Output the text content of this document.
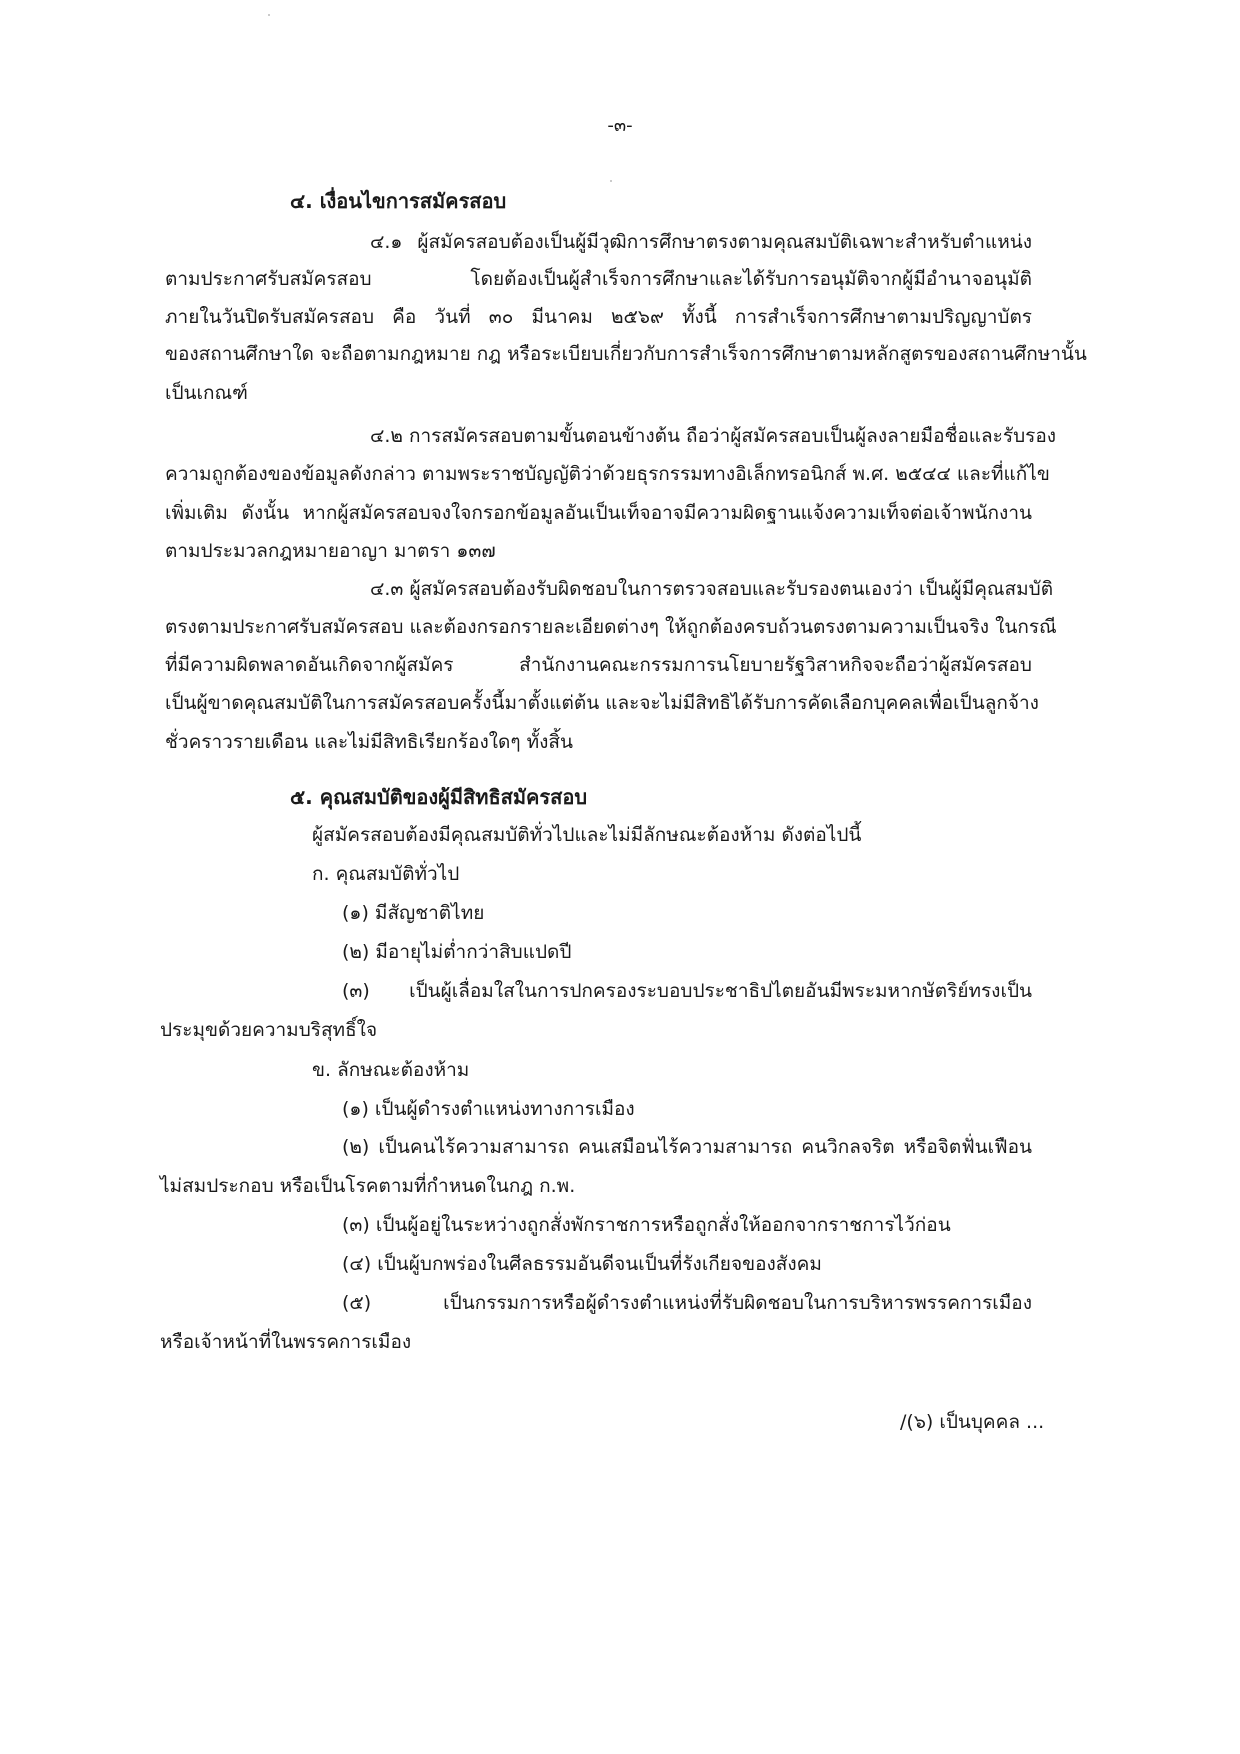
-๓-
๔. เงื่อนไขการสมัครสอบ
๔.๑ ผู้สมัครสอบต้องเป็นผู้มีวุฒิการศึกษาตรงตามคุณสมบัติเฉพาะสำหรับตำแหน่ง
ตามประกาศรับสมัครสอบ โดยต้องเป็นผู้สำเร็จการศึกษาและได้รับการอนุมัติจากผู้มีอำนาจอนุมัติ
ภายในวันปิดรับสมัครสอบ คือ วันที่ ๓๐ มีนาคม ๒๕๖๙ ทั้งนี้ การสำเร็จการศึกษาตามปริญญาบัตร
ของสถานศึกษาใด จะถือตามกฎหมาย กฎ หรือระเบียบเกี่ยวกับการสำเร็จการศึกษาตามหลักสูตรของสถานศึกษานั้น
เป็นเกณฑ์
๔.๒ การสมัครสอบตามขั้นตอนข้างต้น ถือว่าผู้สมัครสอบเป็นผู้ลงลายมือชื่อและรับรอง
ความถูกต้องของข้อมูลดังกล่าว ตามพระราชบัญญัติว่าด้วยธุรกรรมทางอิเล็กทรอนิกส์ พ.ศ. ๒๕๔๔ และที่แก้ไข
เพิ่มเติม ดังนั้น หากผู้สมัครสอบจงใจกรอกข้อมูลอันเป็นเท็จอาจมีความผิดฐานแจ้งความเท็จต่อเจ้าพนักงาน
ตามประมวลกฎหมายอาญา มาตรา ๑๓๗
๔.๓ ผู้สมัครสอบต้องรับผิดชอบในการตรวจสอบและรับรองตนเองว่า เป็นผู้มีคุณสมบัติ
ตรงตามประกาศรับสมัครสอบ และต้องกรอกรายละเอียดต่างๆ ให้ถูกต้องครบถ้วนตรงตามความเป็นจริง ในกรณี
ที่มีความผิดพลาดอันเกิดจากผู้สมัคร สำนักงานคณะกรรมการนโยบายรัฐวิสาหกิจจะถือว่าผู้สมัครสอบ
เป็นผู้ขาดคุณสมบัติในการสมัครสอบครั้งนี้มาตั้งแต่ต้น และจะไม่มีสิทธิได้รับการคัดเลือกบุคคลเพื่อเป็นลูกจ้าง
ชั่วคราวรายเดือน และไม่มีสิทธิเรียกร้องใดๆ ทั้งสิ้น
๕. คุณสมบัติของผู้มีสิทธิสมัครสอบ
ผู้สมัครสอบต้องมีคุณสมบัติทั่วไปและไม่มีลักษณะต้องห้าม ดังต่อไปนี้
ก. คุณสมบัติทั่วไป
(๑) มีสัญชาติไทย
(๒) มีอายุไม่ต่ำกว่าสิบแปดปี
(๓) เป็นผู้เลื่อมใสในการปกครองระบอบประชาธิปไตยอันมีพระมหากษัตริย์ทรงเป็น
ประมุขด้วยความบริสุทธิ์ใจ
ข. ลักษณะต้องห้าม
(๑) เป็นผู้ดำรงตำแหน่งทางการเมือง
(๒) เป็นคนไร้ความสามารถ คนเสมือนไร้ความสามารถ คนวิกลจริต หรือจิตฟั่นเฟือน
ไม่สมประกอบ หรือเป็นโรคตามที่กำหนดในกฎ ก.พ.
(๓) เป็นผู้อยู่ในระหว่างถูกสั่งพักราชการหรือถูกสั่งให้ออกจากราชการไว้ก่อน
(๔) เป็นผู้บกพร่องในศีลธรรมอันดีจนเป็นที่รังเกียจของสังคม
(๕) เป็นกรรมการหรือผู้ดำรงตำแหน่งที่รับผิดชอบในการบริหารพรรคการเมือง
หรือเจ้าหน้าที่ในพรรคการเมือง
/(๖) เป็นบุคคล ...
